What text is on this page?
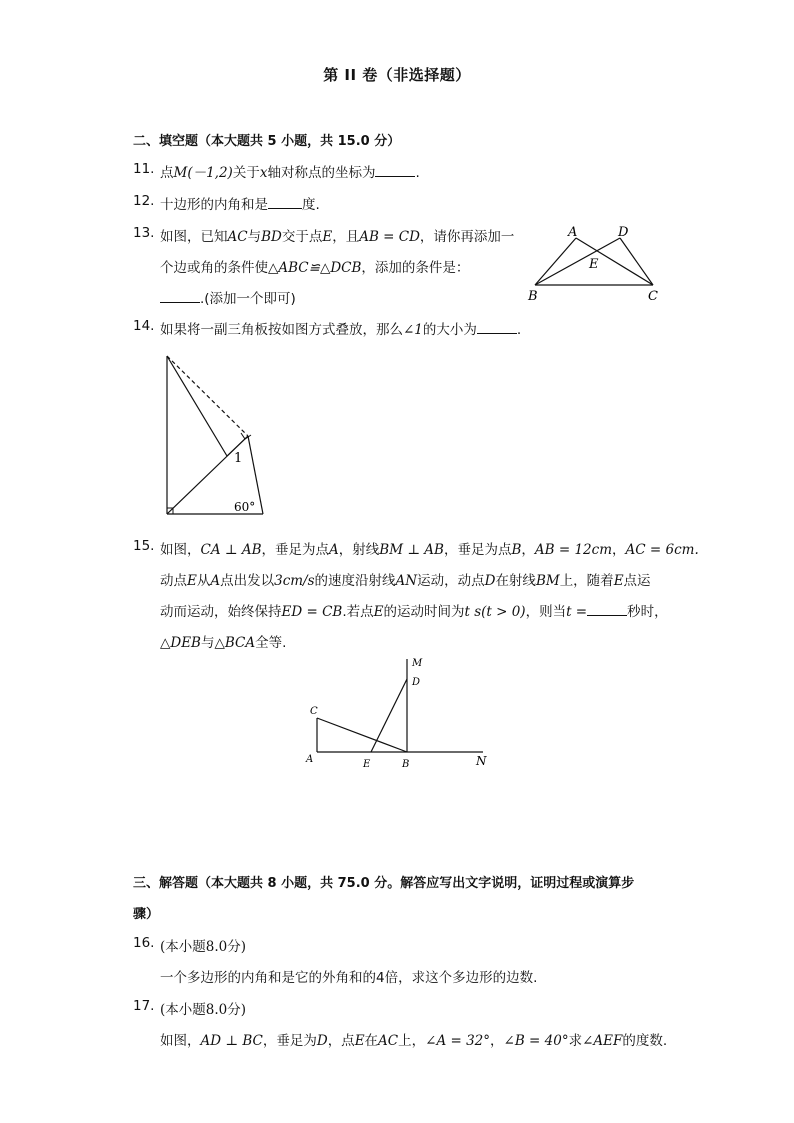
第 II 卷（非选择题）
二、填空题（本大题共 5 小题，共 15.0 分）
11. 点M(－1,2)关于x轴对称点的坐标为	.
12. 十边形的内角和是	度.
13. 如图，已知AC与BD交于点E，且AB = CD，请你再添加一
个边或角的条件使△ABC≌△DCB，添加的条件是：
.(添加一个即可)
A	D
E
B	C
14. 如果将一副三角板按如图方式叠放，那么∠1的大小为	.
1
60°
15. 如图，CA ⊥ AB，垂足为点A，射线BM ⊥ AB，垂足为点B，AB = 12cm，AC = 6cm.
动点E从A点出发以3cm/s的速度沿射线AN运动，动点D在射线BM上，随着E点运
动而运动，始终保持ED = CB.若点E的运动时间为t s(t > 0)，则当t =	秒时，
△DEB与△BCA全等.
M
D
C
A	E	B	N
三、解答题（本大题共 8 小题，共 75.0 分。解答应写出文字说明，证明过程或演算步
骤）
16. (本小题8.0分)
一个多边形的内角和是它的外角和的4倍，求这个多边形的边数.
17. (本小题8.0分)
如图，AD ⊥ BC，垂足为D，点E在AC上，∠A = 32°，∠B = 40°求∠AEF的度数.
